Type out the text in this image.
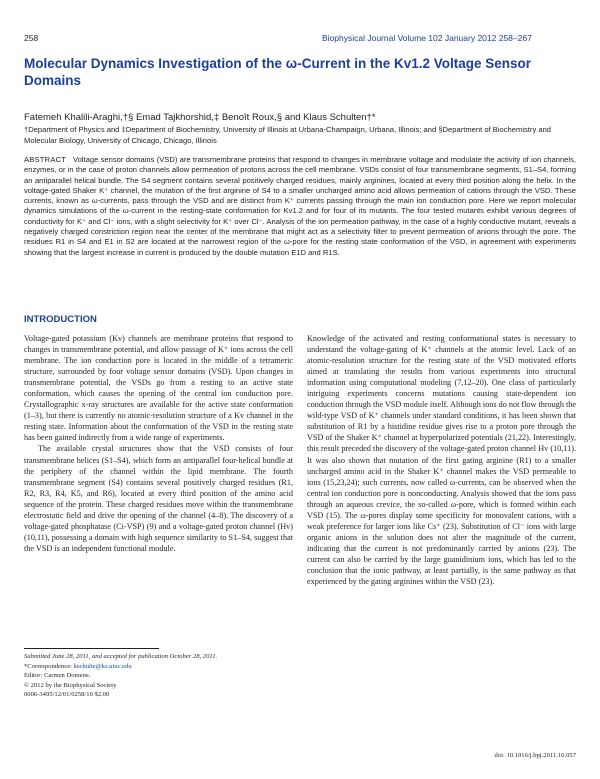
258	Biophysical Journal Volume 102 January 2012 258–267
Molecular Dynamics Investigation of the ω-Current in the Kv1.2 Voltage Sensor Domains
Fatemeh Khalili-Araghi,†§ Emad Tajkhorshid,‡ Benoît Roux,§ and Klaus Schulten†*
†Department of Physics and ‡Department of Biochemistry, University of Illinois at Urbana-Champaign, Urbana, Illinois; and §Department of Biochemistry and Molecular Biology, University of Chicago, Chicago, Illinois

ABSTRACT Voltage sensor domains (VSD) are transmembrane proteins that respond to changes in membrane voltage and modulate the activity of ion channels, enzymes, or in the case of proton channels allow permeation of protons across the cell membrane. VSDs consist of four transmembrane segments, S1–S4, forming an antiparallel helical bundle. The S4 segment contains several positively charged residues, mainly arginines, located at every third position along the helix. In the voltage-gated Shaker K⁺ channel, the mutation of the first arginine of S4 to a smaller uncharged amino acid allows permeation of cations through the VSD. These currents, known as ω-currents, pass through the VSD and are distinct from K⁺ currents passing through the main ion conduction pore. Here we report molecular dynamics simulations of the ω-current in the resting-state conformation for Kv1.2 and for four of its mutants. The four tested mutants exhibit various degrees of conductivity for K⁺ and Cl⁻ ions, with a slight selectivity for K⁺ over Cl⁻. Analysis of the ion permeation pathway, in the case of a highly conductive mutant, reveals a negatively charged constriction region near the center of the membrane that might act as a selectivity filter to prevent permeation of anions through the pore. The residues R1 in S4 and E1 in S2 are located at the narrowest region of the ω-pore for the resting state conformation of the VSD, in agreement with experiments showing that the largest increase in current is produced by the double mutation E1D and R1S.

INTRODUCTION

Voltage-gated potassium (Kv) channels are membrane proteins that respond to changes in transmembrane potential, and allow passage of K⁺ ions across the cell membrane. The ion conduction pore is located in the middle of a tetrameric structure, surrounded by four voltage sensor domains (VSD). Upon changes in transmembrane potential, the VSDs go from a resting to an active state conformation, which causes the opening of the central ion conduction pore. Crystallographic x-ray structures are available for the active state conformation (1–3), but there is currently no atomic-resolution structure of a Kv channel in the resting state. Information about the conformation of the VSD in the resting state has been gained indirectly from a wide range of experiments.

The available crystal structures show that the VSD consists of four transmembrane helices (S1–S4), which form an antiparallel four-helical bundle at the periphery of the channel within the lipid membrane. The fourth transmembrane segment (S4) contains several positively charged residues (R1, R2, R3, R4, K5, and R6), located at every third position of the amino acid sequence of the protein. These charged residues move within the transmembrane electrostatic field and drive the opening of the channel (4–8). The discovery of a voltage-gated phosphatase (Ci-VSP) (9) and a voltage-gated proton channel (Hv) (10,11), possessing a domain with high sequence similarity to S1–S4, suggest that the VSD is an independent functional module.

Knowledge of the activated and resting conformational states is necessary to understand the voltage-gating of K⁺ channels at the atomic level. Lack of an atomic-resolution structure for the resting state of the VSD motivated efforts aimed at translating the results from various experiments into structural information using computational modeling (7,12–20). One class of particularly intriguing experiments concerns mutations causing state-dependent ion conduction through the VSD module itself. Although ions do not flow through the wild-type VSD of K⁺ channels under standard conditions, it has been shown that substitution of R1 by a histidine residue gives rise to a proton pore through the VSD of the Shaker K⁺ channel at hyperpolarized potentials (21,22). Interestingly, this result preceded the discovery of the voltage-gated proton channel Hv (10,11). It was also shown that mutation of the first gating arginine (R1) to a smaller uncharged amino acid in the Shaker K⁺ channel makes the VSD permeable to ions (15,23,24); such currents, now called ω-currents, can be observed when the central ion conduction pore is nonconducting. Analysis showed that the ions pass through an aqueous crevice, the so-called ω-pore, which is formed within each VSD (15). The ω-pores display some specificity for monovalent cations, with a weak preference for larger ions like Cs⁺ (23). Substitution of Cl⁻ ions with large organic anions in the solution does not alter the magnitude of the current, indicating that the current is not predominantly carried by anions (23). The current can also be carried by the large guanidinium ions, which has led to the conclusion that the ionic pathway, at least partially, is the same pathway as that experienced by the gating arginines within the VSD (23).

Submitted June 28, 2011, and accepted for publication October 28, 2011.
*Correspondence: kschulte@ks.uiuc.edu
Editor: Carmen Domene.
© 2012 by the Biophysical Society
0006-3495/12/01/0258/10 $2.00
doi: 10.1016/j.bpj.2011.10.057
